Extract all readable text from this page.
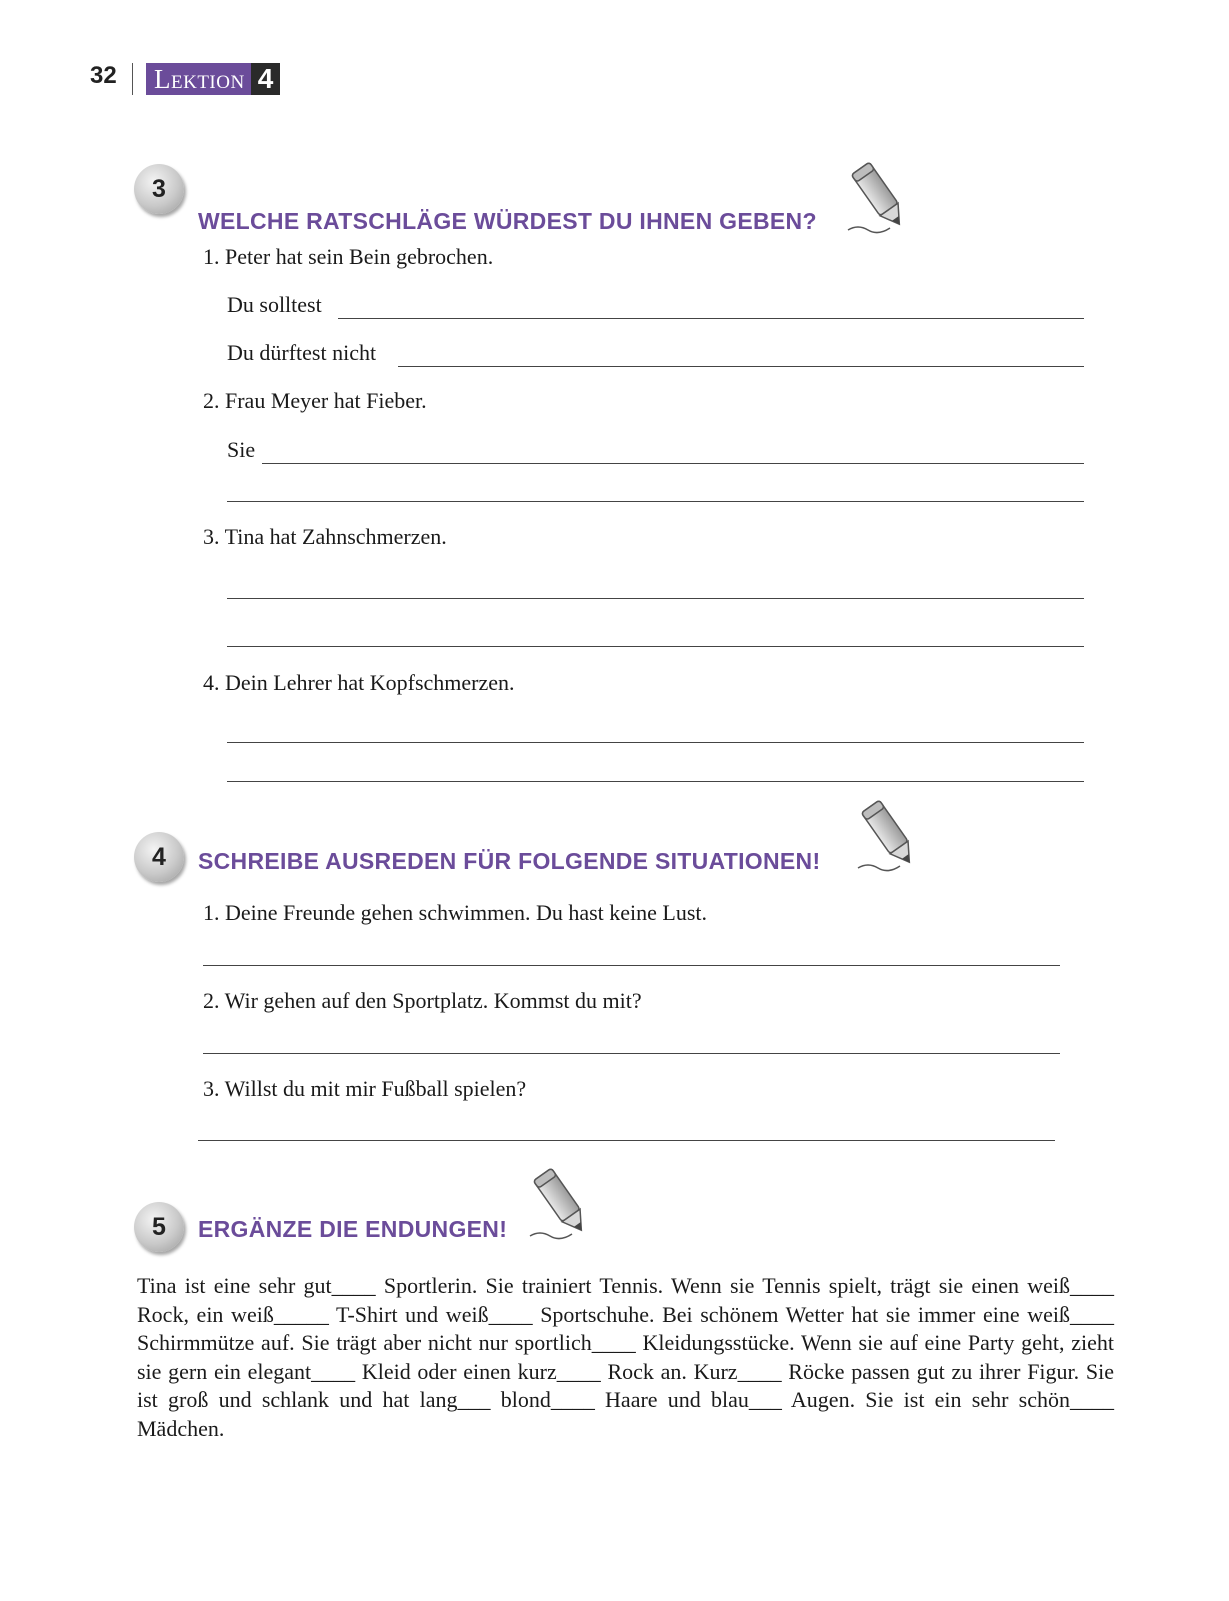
32 Lektion 4
3
WELCHE RATSCHLÄGE WÜRDEST DU IHNEN GEBEN?
1. Peter hat sein Bein gebrochen.
Du solltest
Du dürftest nicht
2. Frau Meyer hat Fieber.
Sie
3. Tina hat Zahnschmerzen.
4. Dein Lehrer hat Kopfschmerzen.
4	SCHREIBE AUSREDEN FÜR FOLGENDE SITUATIONEN!
1. Deine Freunde gehen schwimmen. Du hast keine Lust.
2. Wir gehen auf den Sportplatz. Kommst du mit?
3. Willst du mit mir Fußball spielen?
5	ERGÄNZE DIE ENDUNGEN!
Tina ist eine sehr gut____ Sportlerin. Sie trainiert Tennis. Wenn sie Tennis spielt, trägt sie einen weiß____ Rock, ein weiß_____ T-Shirt und weiß____ Sportschuhe. Bei schönem Wetter hat sie immer eine weiß____ Schirmmütze auf. Sie trägt aber nicht nur sportlich____ Kleidungsstücke. Wenn sie auf eine Party geht, zieht sie gern ein elegant____ Kleid oder einen kurz____ Rock an. Kurz____ Röcke passen gut zu ihrer Figur. Sie ist groß und schlank und hat lang___ blond____ Haare und blau___ Augen. Sie ist ein sehr schön____ Mädchen.
